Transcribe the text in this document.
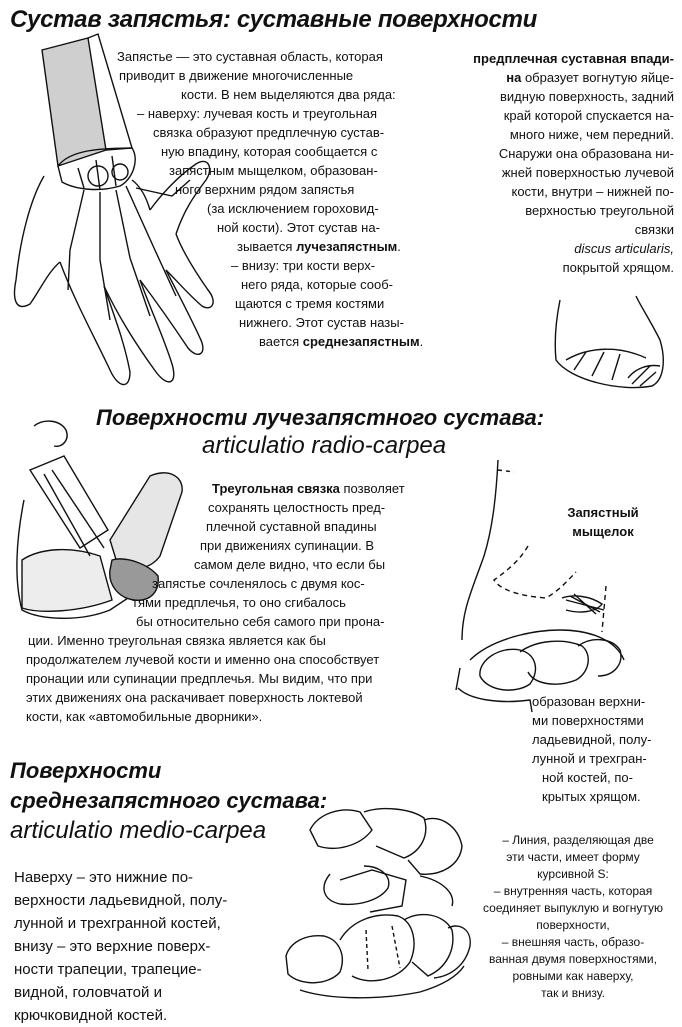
Сустав запястья: суставные поверхности

Запястье — это суставная область, которая

приводит в движение многочисленные

кости. В нем выделяются два ряда:

– наверху: лучевая кость и треугольная

связка образуют предплечную сустав-

ную впадину, которая сообщается с

запястным мыщелком, образован-

ного верхним рядом запястья

(за исключением гороховид-

ной кости). Этот сустав на-

зывается лучезапястным.

– внизу: три кости верх-

него ряда, которые сооб-

щаются с тремя костями

нижнего. Этот сустав назы-

вается среднезапястным.

предплечная суставная впади-

на образует вогнутую яйце-

видную поверхность, задний

край которой спускается на-

много ниже, чем передний.

Снаружи она образована ни-

жней поверхностью лучевой

кости, внутри – нижней по-

верхностью треугольной

связки

discus articularis,

покрытой хрящом.

Поверхности лучезапястного сустава:
articulatio radio-carpea

Треугольная связка позволяет

сохранять целостность пред-

плечной суставной впадины

при движениях супинации. В

самом деле видно, что если бы

запястье сочленялось с двумя кос-

тями предплечья, то оно сгибалось

бы относительно себя самого при прона-

ции. Именно треугольная связка является как бы

продолжателем лучевой кости и именно она способствует

пронации или супинации предплечья. Мы видим, что при

этих движениях она раскачивает поверхность локтевой

кости, как «автомобильные дворники».

Запястный

мыщелок

образован верхни-

ми поверхностями

ладьевидной, полу-

лунной и трехгран-

ной костей, по-

крытых хрящом.

Поверхности
среднезапястного сустава:
articulatio medio-carpea

Наверху – это нижние по-

верхности ладьевидной, полу-

лунной и трехгранной костей,

внизу – это верхние поверх-

ности трапеции, трапецие-

видной, головчатой и

крючковидной костей.

– Линия, разделяющая две

эти части, имеет форму

курсивной S:

– внутренняя часть, которая

соединяет выпуклую и вогнутую

поверхности,

– внешняя часть, образо-

ванная двумя поверхностями,

ровными как наверху,

так и внизу.
